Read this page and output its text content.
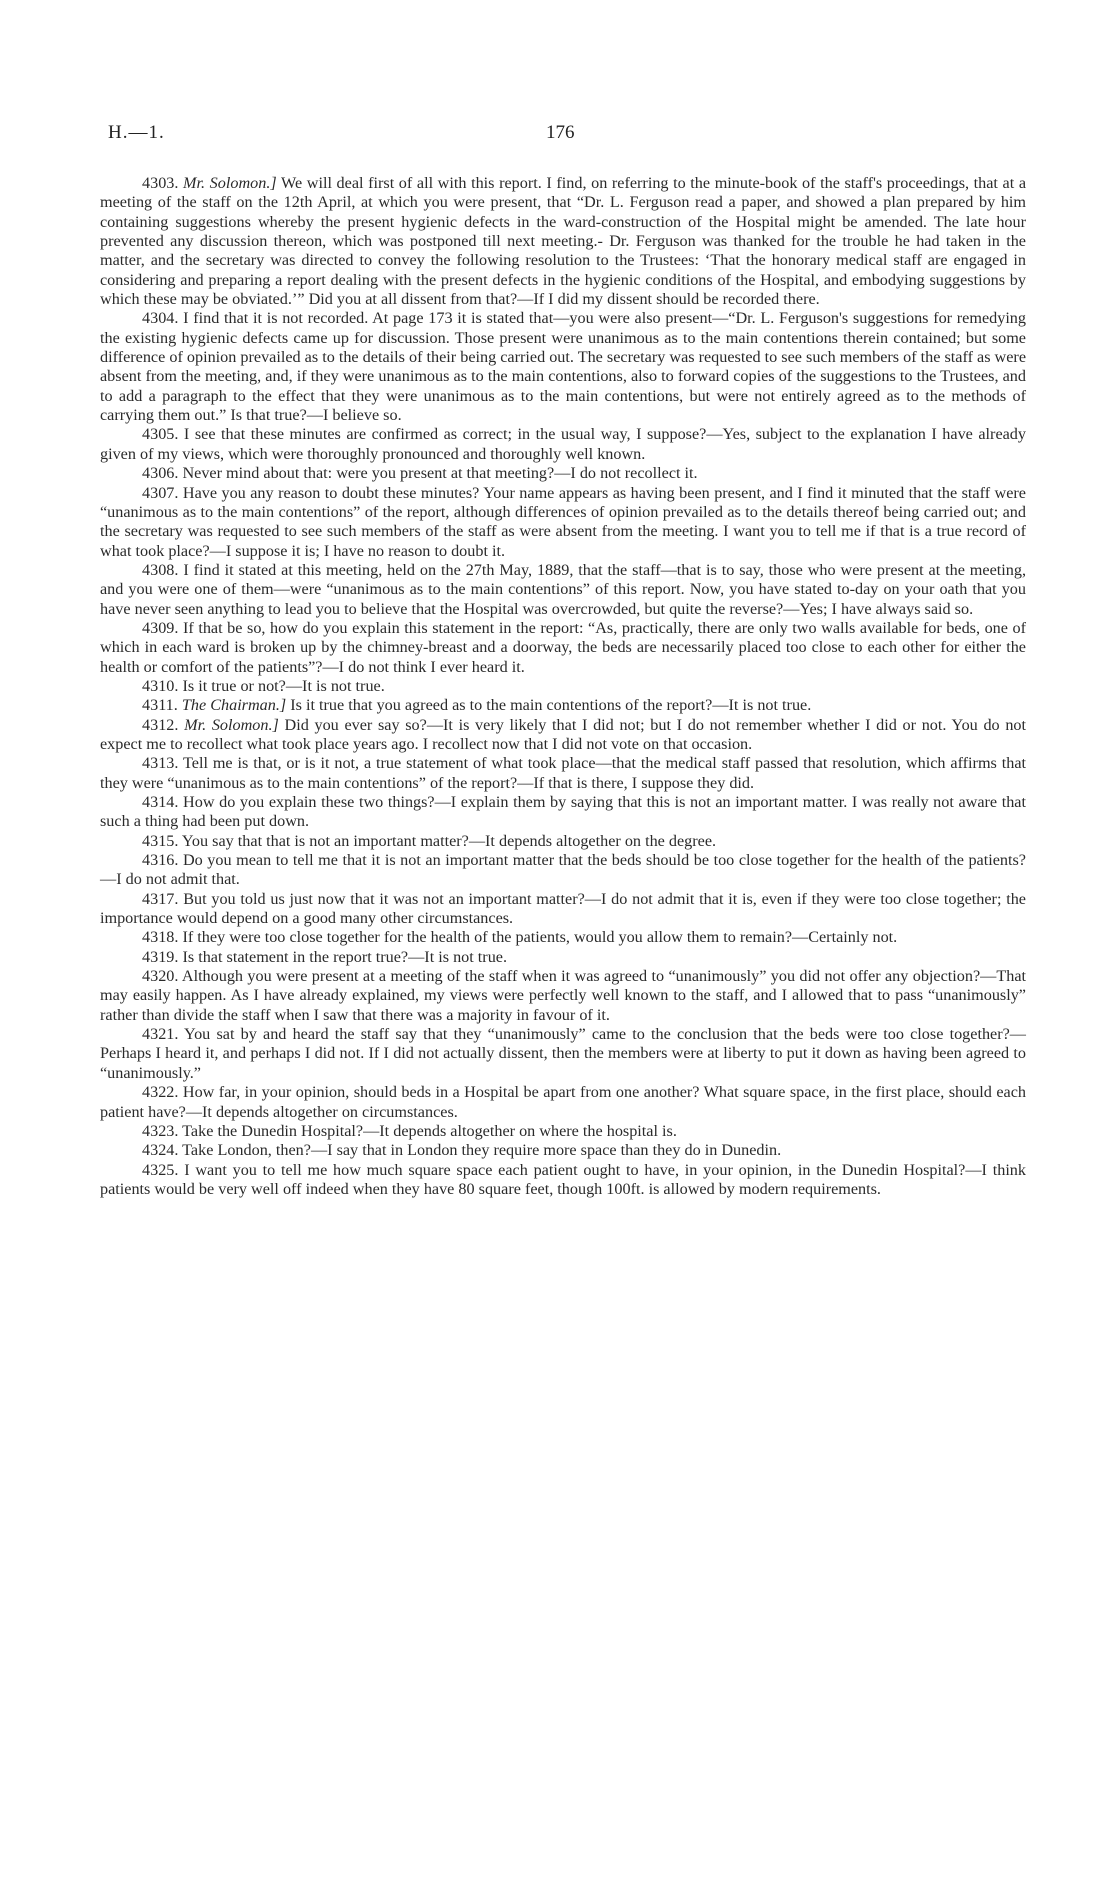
H.—1.	176

4303. Mr. Solomon.] We will deal first of all with this report. I find, on referring to the minute-book of the staff's proceedings, that at a meeting of the staff on the 12th April, at which you were present, that “Dr. L. Ferguson read a paper, and showed a plan prepared by him containing suggestions whereby the present hygienic defects in the ward-construction of the Hospital might be amended. The late hour prevented any discussion thereon, which was postponed till next meeting.- Dr. Ferguson was thanked for the trouble he had taken in the matter, and the secretary was directed to convey the following resolution to the Trustees: ‘That the honorary medical staff are engaged in considering and preparing a report dealing with the present defects in the hygienic conditions of the Hospital, and embodying suggestions by which these may be obviated.’” Did you at all dissent from that?—If I did my dissent should be recorded there.

4304. I find that it is not recorded. At page 173 it is stated that—you were also present—“Dr. L. Ferguson's suggestions for remedying the existing hygienic defects came up for discussion. Those present were unanimous as to the main contentions therein contained; but some difference of opinion prevailed as to the details of their being carried out. The secretary was requested to see such members of the staff as were absent from the meeting, and, if they were unanimous as to the main contentions, also to forward copies of the suggestions to the Trustees, and to add a paragraph to the effect that they were unanimous as to the main contentions, but were not entirely agreed as to the methods of carrying them out.” Is that true?—I believe so.

4305. I see that these minutes are confirmed as correct; in the usual way, I suppose?—Yes, subject to the explanation I have already given of my views, which were thoroughly pronounced and thoroughly well known.

4306. Never mind about that: were you present at that meeting?—I do not recollect it.

4307. Have you any reason to doubt these minutes? Your name appears as having been present, and I find it minuted that the staff were “unanimous as to the main contentions” of the report, although differences of opinion prevailed as to the details thereof being carried out; and the secretary was requested to see such members of the staff as were absent from the meeting. I want you to tell me if that is a true record of what took place?—I suppose it is; I have no reason to doubt it.

4308. I find it stated at this meeting, held on the 27th May, 1889, that the staff—that is to say, those who were present at the meeting, and you were one of them—were “unanimous as to the main contentions” of this report. Now, you have stated to-day on your oath that you have never seen anything to lead you to believe that the Hospital was overcrowded, but quite the reverse?—Yes; I have always said so.

4309. If that be so, how do you explain this statement in the report: “As, practically, there are only two walls available for beds, one of which in each ward is broken up by the chimney-breast and a doorway, the beds are necessarily placed too close to each other for either the health or comfort of the patients”?—I do not think I ever heard it.

4310. Is it true or not?—It is not true.

4311. The Chairman.] Is it true that you agreed as to the main contentions of the report?—It is not true.

4312. Mr. Solomon.] Did you ever say so?—It is very likely that I did not; but I do not remember whether I did or not. You do not expect me to recollect what took place years ago. I recollect now that I did not vote on that occasion.

4313. Tell me is that, or is it not, a true statement of what took place—that the medical staff passed that resolution, which affirms that they were “unanimous as to the main contentions” of the report?—If that is there, I suppose they did.

4314. How do you explain these two things?—I explain them by saying that this is not an important matter. I was really not aware that such a thing had been put down.

4315. You say that that is not an important matter?—It depends altogether on the degree.

4316. Do you mean to tell me that it is not an important matter that the beds should be too close together for the health of the patients?—I do not admit that.

4317. But you told us just now that it was not an important matter?—I do not admit that it is, even if they were too close together; the importance would depend on a good many other circumstances.

4318. If they were too close together for the health of the patients, would you allow them to remain?—Certainly not.

4319. Is that statement in the report true?—It is not true.

4320. Although you were present at a meeting of the staff when it was agreed to “unanimously” you did not offer any objection?—That may easily happen. As I have already explained, my views were perfectly well known to the staff, and I allowed that to pass “unanimously” rather than divide the staff when I saw that there was a majority in favour of it.

4321. You sat by and heard the staff say that they “unanimously” came to the conclusion that the beds were too close together?—Perhaps I heard it, and perhaps I did not. If I did not actually dissent, then the members were at liberty to put it down as having been agreed to “unanimously.”

4322. How far, in your opinion, should beds in a Hospital be apart from one another? What square space, in the first place, should each patient have?—It depends altogether on circumstances.

4323. Take the Dunedin Hospital?—It depends altogether on where the hospital is.

4324. Take London, then?—I say that in London they require more space than they do in Dunedin.

4325. I want you to tell me how much square space each patient ought to have, in your opinion, in the Dunedin Hospital?—I think patients would be very well off indeed when they have 80 square feet, though 100ft. is allowed by modern requirements.
